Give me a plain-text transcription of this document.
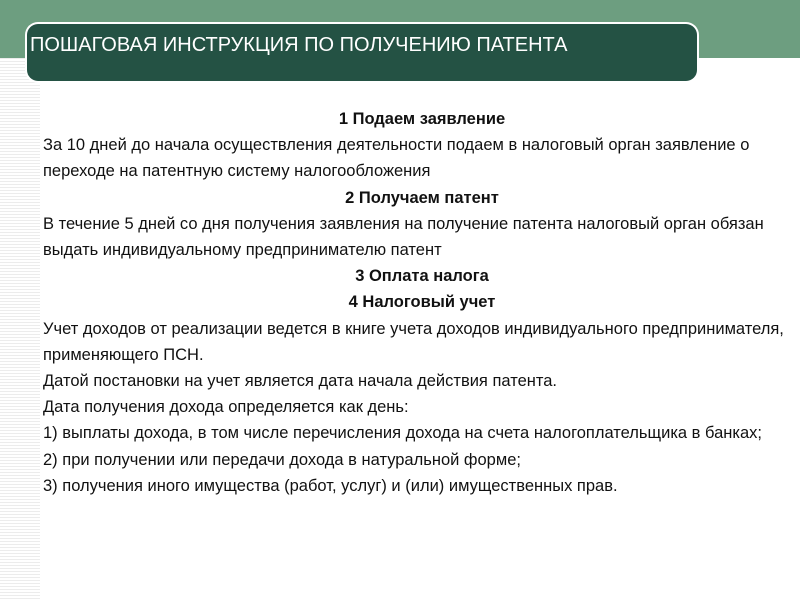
ПОШАГОВАЯ ИНСТРУКЦИЯ ПО ПОЛУЧЕНИЮ ПАТЕНТА
1 Подаем заявление
За 10 дней до начала осуществления деятельности подаем в налоговый орган заявление о переходе на патентную систему налогообложения
2 Получаем патент
В течение 5 дней со дня получения заявления на получение патента налоговый орган обязан выдать индивидуальному предпринимателю патент
3 Оплата налога
4 Налоговый учет
Учет доходов от реализации ведется в книге учета доходов индивидуального предпринимателя, применяющего ПСН.
Датой постановки на учет является дата начала действия патента.
Дата получения дохода определяется как день:
1) выплаты дохода, в том числе перечисления дохода на счета налогоплательщика в банках;
2) при получении или передачи дохода в натуральной форме;
3) получения иного имущества (работ, услуг) и (или) имущественных прав.
